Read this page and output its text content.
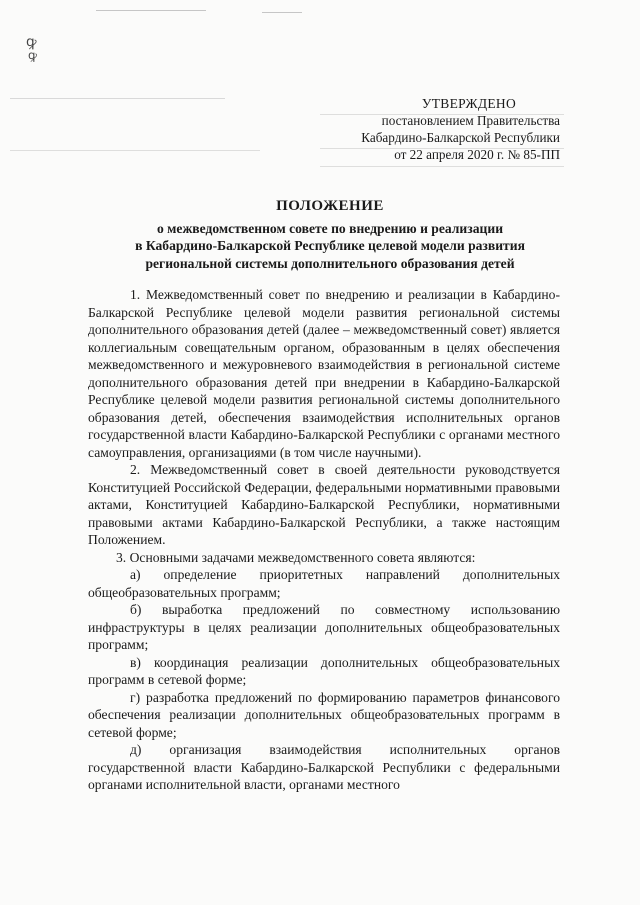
ꝙ
ꝙ
УТВЕРЖДЕНО
постановлением Правительства
Кабардино-Балкарской Республики
от 22 апреля 2020 г. № 85-ПП
ПОЛОЖЕНИЕ
о межведомственном совете по внедрению и реализации
в Кабардино-Балкарской Республике целевой модели развития
региональной системы дополнительного образования детей

1. Межведомственный совет по внедрению и реализации в Кабардино-Балкарской Республике целевой модели развития региональной системы дополнительного образования детей (далее – межведомственный совет) является коллегиальным совещательным органом, образованным в целях обеспечения межведомственного и межуровневого взаимодействия в региональной системе дополнительного образования детей при внедрении в Кабардино-Балкарской Республике целевой модели развития региональной системы дополнительного образования детей, обеспечения взаимодействия исполнительных органов государственной власти Кабардино-Балкарской Республики с органами местного самоуправления, организациями (в том числе научными).

2. Межведомственный совет в своей деятельности руководствуется Конституцией Российской Федерации, федеральными нормативными правовыми актами, Конституцией Кабардино-Балкарской Республики, нормативными правовыми актами Кабардино-Балкарской Республики, а также настоящим Положением.

3. Основными задачами межведомственного совета являются:

а) определение приоритетных направлений дополнительных общеобразовательных программ;

б) выработка предложений по совместному использованию инфраструктуры в целях реализации дополнительных общеобразовательных программ;

в) координация реализации дополнительных общеобразовательных программ в сетевой форме;

г) разработка предложений по формированию параметров финансового обеспечения реализации дополнительных общеобразовательных программ в сетевой форме;

д) организация взаимодействия исполнительных органов государственной власти Кабардино-Балкарской Республики с федеральными органами исполнительной власти, органами местного
